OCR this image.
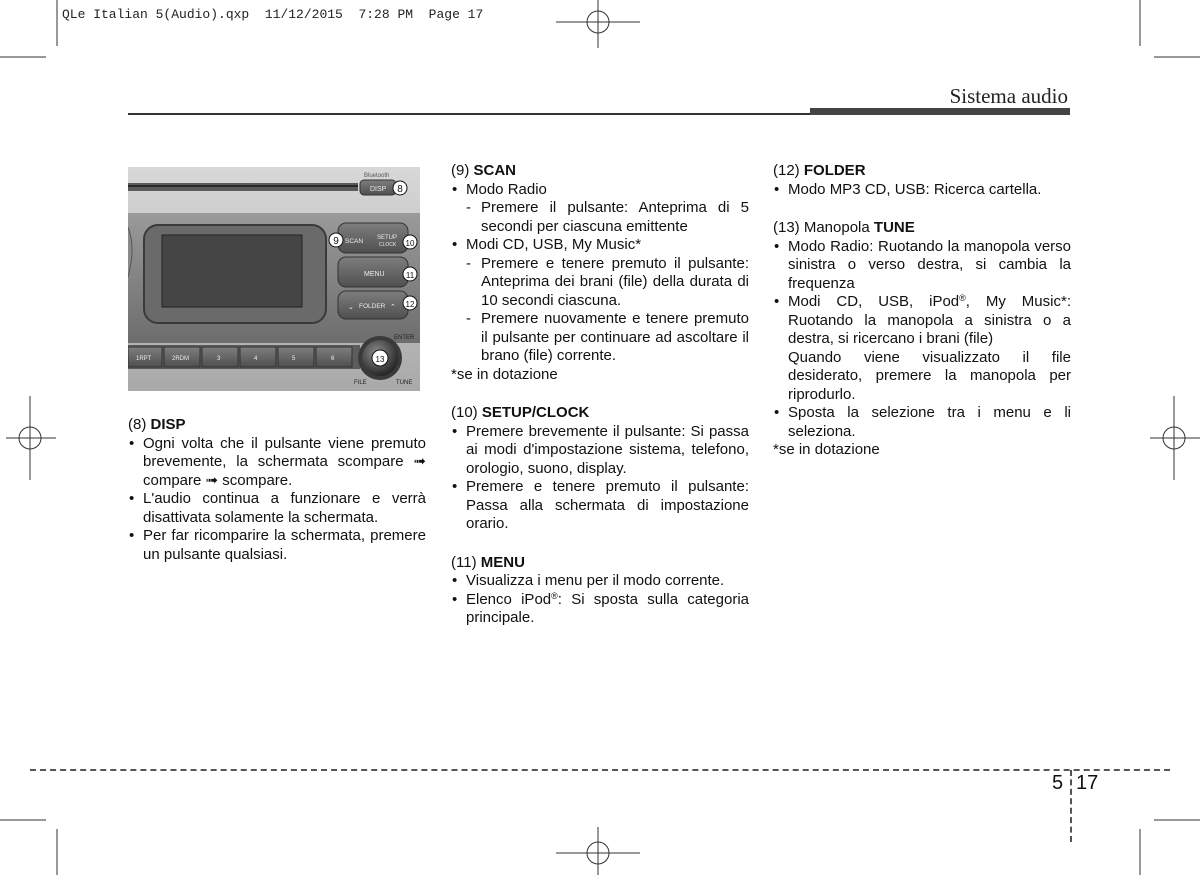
QLe Italian 5(Audio).qxp  11/12/2015  7:28 PM  Page 17
Sistema audio
Bluetooth
DISP
SCAN SETUP
CLOCK
MENU
⌄ FOLDER ⌃
ENTER
1RPT	2RDM	3	4	5	6
FILE	TUNE
8
9	10
11
12
13

(8) DISP

• Ogni volta che il pulsante viene premuto brevemente, la schermata scompare ➟ compare ➟ scompare.
• L'audio continua a funzionare e verrà disattivata solamente la schermata.
• Per far ricomparire la schermata, premere un pulsante qualsiasi.

(9) SCAN

• Modo Radio
- Premere il pulsante: Anteprima di 5 secondi per ciascuna emittente
• Modi CD, USB, My Music*
- Premere e tenere premuto il pulsante: Anteprima dei brani (file) della durata di 10 secondi ciascuna.
- Premere nuovamente e tenere premuto il pulsante per continuare ad ascoltare il brano (file) corrente.

*se in dotazione

(10) SETUP/CLOCK

• Premere brevemente il pulsante: Si passa ai modi d'impostazione sistema, telefono, orologio, suono, display.
• Premere e tenere premuto il pulsante: Passa alla schermata di impostazione orario.

(11) MENU

• Visualizza i menu per il modo corrente.
• Elenco iPod®: Si sposta sulla categoria principale.

(12) FOLDER

• Modo MP3 CD, USB: Ricerca cartella.

(13) Manopola TUNE

• Modo Radio: Ruotando la manopola verso sinistra o verso destra, si cambia la frequenza
• Modi CD, USB, iPod®, My Music*: Ruotando la manopola a sinistra o a destra, si ricercano i brani (file)
Quando viene visualizzato il file desiderato, premere la manopola per riprodurlo.
• Sposta la selezione tra i menu e li seleziona.

*se in dotazione

5 17
